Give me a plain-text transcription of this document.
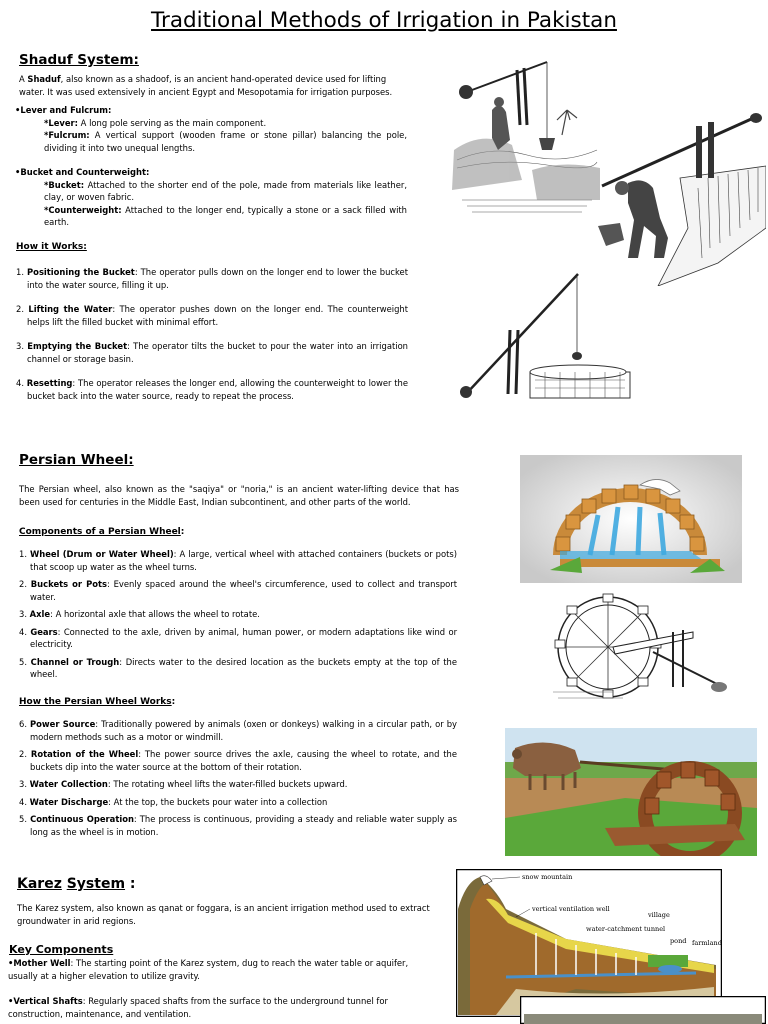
Traditional Methods of Irrigation in Pakistan
Shaduf System:
A Shaduf, also known as a shadoof, is an ancient hand-operated device used for lifting water. It was used extensively in ancient Egypt and Mesopotamia for irrigation purposes.
•Lever and Fulcrum:
*Lever: A long pole serving as the main component.
*Fulcrum: A vertical support (wooden frame or stone pillar) balancing the pole, dividing it into two unequal lengths.
•Bucket and Counterweight:
*Bucket: Attached to the shorter end of the pole, made from materials like leather, clay, or woven fabric.
*Counterweight: Attached to the longer end, typically a stone or a sack filled with earth.
How it Works:
1. Positioning the Bucket: The operator pulls down on the longer end to lower the bucket into the water source, filling it up.
2. Lifting the Water: The operator pushes down on the longer end. The counterweight helps lift the filled bucket with minimal effort.
3. Emptying the Bucket: The operator tilts the bucket to pour the water into an irrigation channel or storage basin.
4. Resetting: The operator releases the longer end, allowing the counterweight to lower the bucket back into the water source, ready to repeat the process.
Persian Wheel:
The Persian wheel, also known as the "saqiya" or "noria," is an ancient water-lifting device that has been used for centuries in the Middle East, Indian subcontinent, and other parts of the world.
Components of a Persian Wheel:
1. Wheel (Drum or Water Wheel): A large, vertical wheel with attached containers (buckets or pots) that scoop up water as the wheel turns.
2. Buckets or Pots: Evenly spaced around the wheel's circumference, used to collect and transport water.
3. Axle: A horizontal axle that allows the wheel to rotate.
4. Gears: Connected to the axle, driven by animal, human power, or modern adaptations like wind or electricity.
5. Channel or Trough: Directs water to the desired location as the buckets empty at the top of the wheel.
How the Persian Wheel Works:
6. Power Source: Traditionally powered by animals (oxen or donkeys) walking in a circular path, or by modern methods such as a motor or windmill.
2. Rotation of the Wheel: The power source drives the axle, causing the wheel to rotate, and the buckets dip into the water source at the bottom of their rotation.
3. Water Collection: The rotating wheel lifts the water-filled buckets upward.
4. Water Discharge: At the top, the buckets pour water into a collection
5. Continuous Operation: The process is continuous, providing a steady and reliable water supply as long as the wheel is in motion.
Karez System :
The Karez system, also known as qanat or foggara, is an ancient irrigation method used to extract groundwater in arid regions.
Key Components
•Mother Well: The starting point of the Karez system, dug to reach the water table or aquifer, usually at a higher elevation to utilize gravity.
•Vertical Shafts: Regularly spaced shafts from the surface to the underground tunnel for construction, maintenance, and ventilation.
snow mountain
vertical ventilation well
village
water-catchment tunnel
pond farmland
